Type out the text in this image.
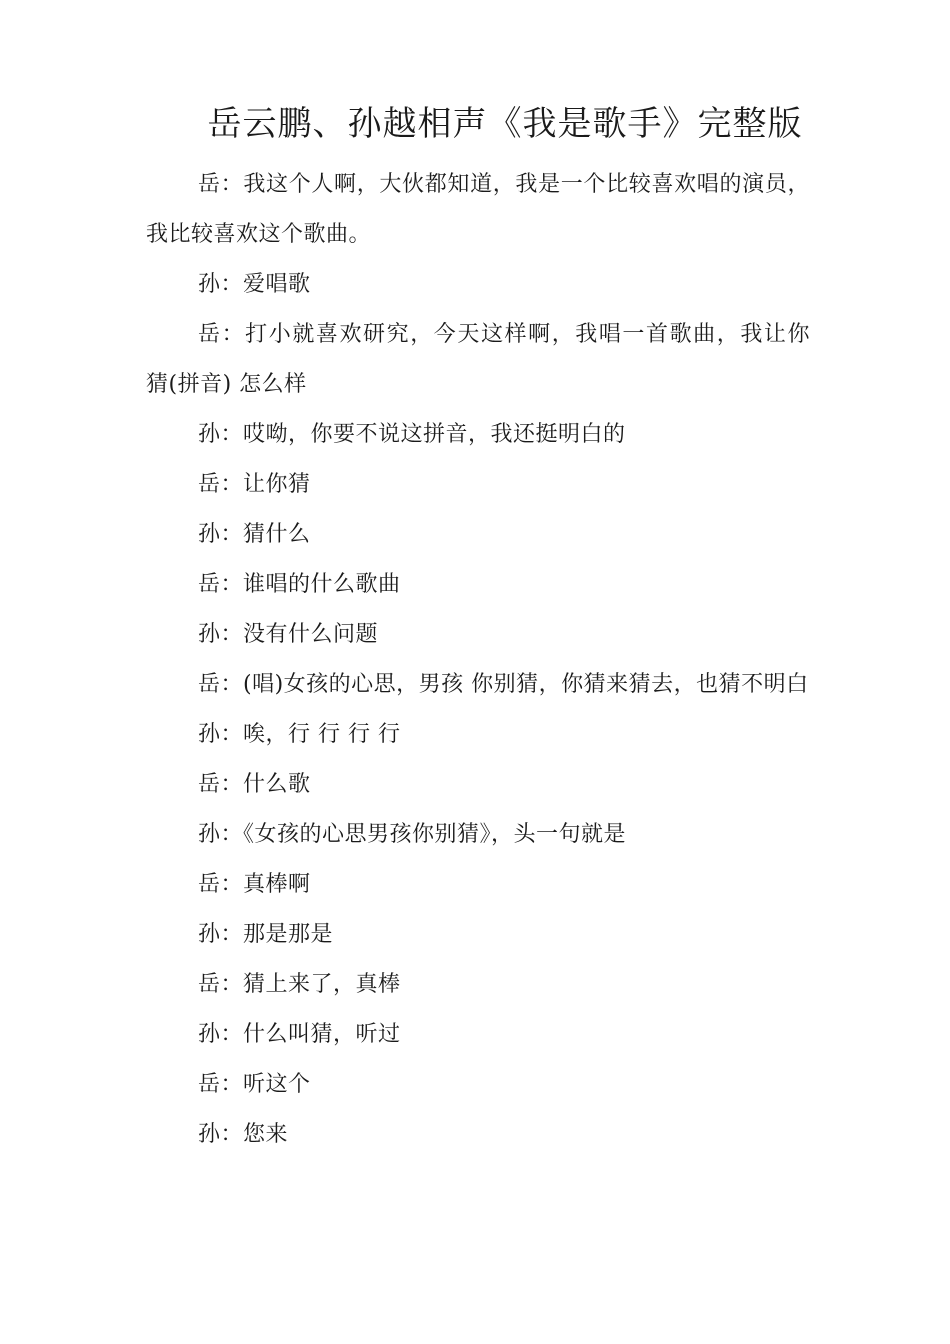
岳云鹏、孙越相声《我是歌手》完整版

岳：我这个人啊，大伙都知道，我是一个比较喜欢唱的演员，我比较喜欢这个歌曲。

孙：爱唱歌

岳：打小就喜欢研究，今天这样啊，我唱一首歌曲，我让你 猜(拼音) 怎么样

孙：哎呦，你要不说这拼音，我还挺明白的

岳：让你猜

孙：猜什么

岳：谁唱的什么歌曲

孙：没有什么问题

岳：(唱)女孩的心思，男孩 你别猜，你猜来猜去，也猜不明白

孙：唉，行 行 行 行

岳：什么歌

孙：《女孩的心思男孩你别猜》，头一句就是

岳：真棒啊

孙：那是那是

岳：猜上来了，真棒

孙：什么叫猜，听过

岳：听这个

孙：您来
